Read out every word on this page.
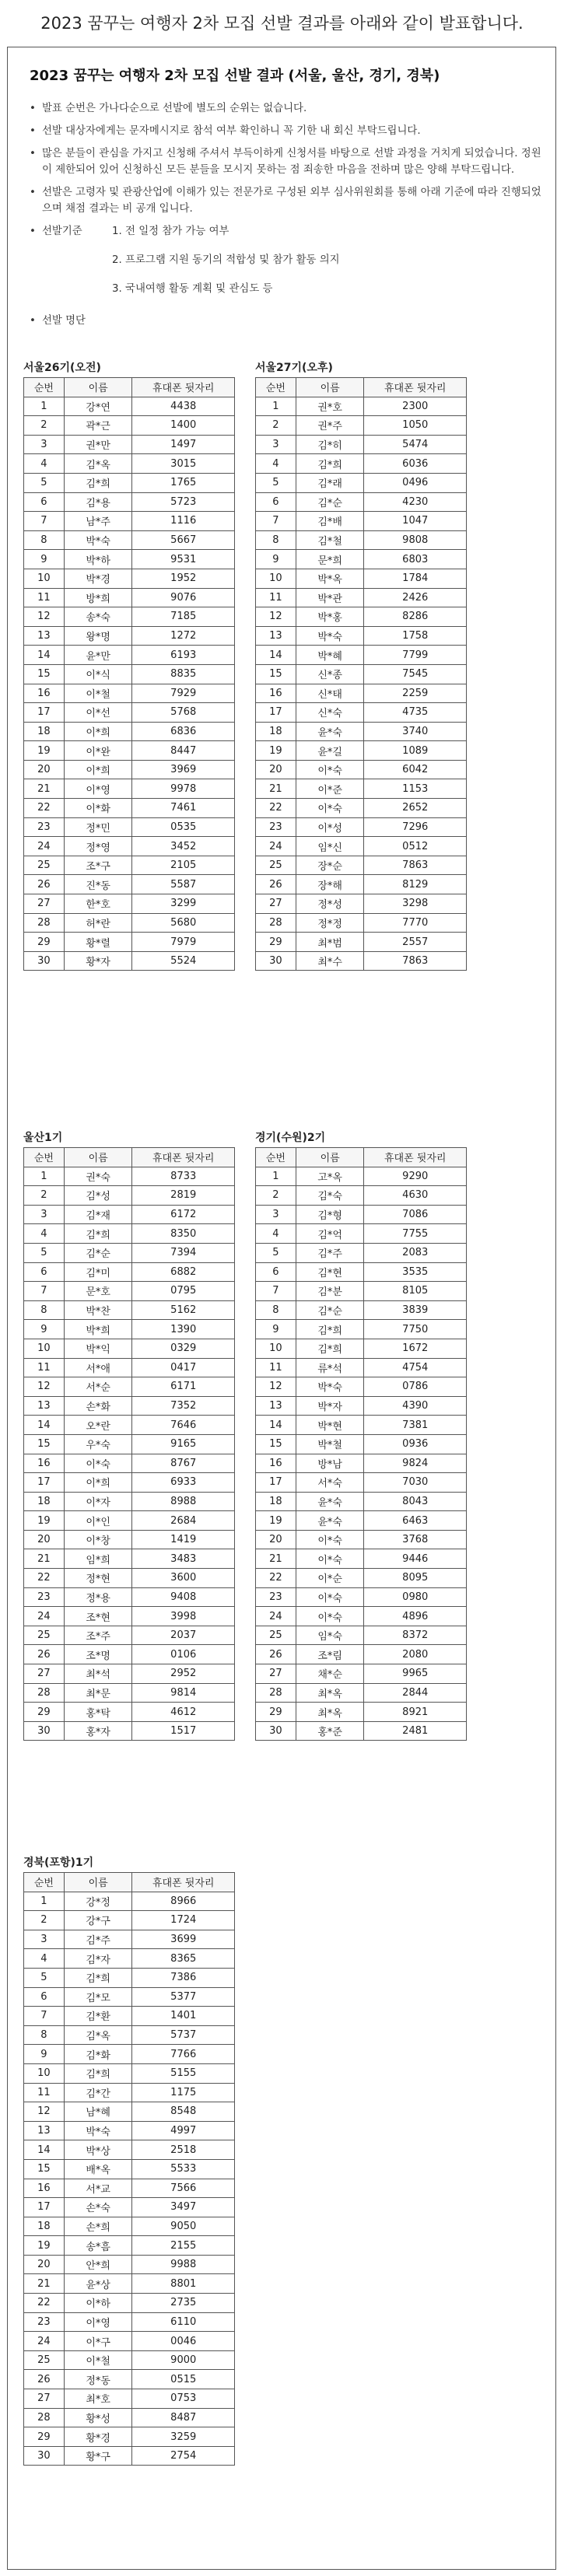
2023 꿈꾸는 여행자 2차 모집 선발 결과를 아래와 같이 발표합니다.
2023 꿈꾸는 여행자 2차 모집 선발 결과 (서울, 울산, 경기, 경북)
• 발표 순번은 가나다순으로 선발에 별도의 순위는 없습니다.
• 선발 대상자에게는 문자메시지로 참석 여부 확인하니 꼭 기한 내 회신 부탁드립니다.
• 많은 분들이 관심을 가지고 신청해 주셔서 부득이하게 신청서를 바탕으로 선발 과정을 거치게 되었습니다. 정원이 제한되어 있어 신청하신 모든 분들을 모시지 못하는 점 죄송한 마음을 전하며 많은 양해 부탁드립니다.
• 선발은 고령자 및 관광산업에 이해가 있는 전문가로 구성된 외부 심사위원회를 통해 아래 기준에 따라 진행되었으며 채점 결과는 비 공개 입니다.
• 선발기준	1. 전 일정 참가 가능 여부
2. 프로그램 지원 동기의 적합성 및 참가 활동 의지
3. 국내여행 활동 계획 및 관심도 등
• 선발 명단
서울26기(오전)
순번	이름	휴대폰 뒷자리
1	강*연	4438
2	곽*근	1400
3	권*만	1497
4	김*옥	3015
5	김*희	1765
6	김*용	5723
7	남*주	1116
8	박*숙	5667
9	박*하	9531
10	박*경	1952
11	방*희	9076
12	송*숙	7185
13	왕*명	1272
14	윤*만	6193
15	이*식	8835
16	이*철	7929
17	이*선	5768
18	이*희	6836
19	이*완	8447
20	이*희	3969
21	이*영	9978
22	이*화	7461
23	정*민	0535
24	정*영	3452
25	조*구	2105
26	진*동	5587
27	한*호	3299
28	허*란	5680
29	황*렬	7979
30	황*자	5524
서울27기(오후)
순번	이름	휴대폰 뒷자리
1	권*호	2300
2	권*주	1050
3	김*히	5474
4	김*희	6036
5	김*래	0496
6	김*순	4230
7	김*배	1047
8	김*철	9808
9	문*희	6803
10	박*옥	1784
11	박*관	2426
12	박*홍	8286
13	박*숙	1758
14	박*혜	7799
15	신*종	7545
16	신*태	2259
17	신*숙	4735
18	윤*숙	3740
19	윤*길	1089
20	이*숙	6042
21	이*준	1153
22	이*숙	2652
23	이*성	7296
24	임*신	0512
25	장*순	7863
26	장*해	8129
27	정*성	3298
28	정*정	7770
29	최*범	2557
30	최*수	7863
울산1기
순번	이름	휴대폰 뒷자리
1	권*숙	8733
2	김*성	2819
3	김*재	6172
4	김*희	8350
5	김*순	7394
6	김*미	6882
7	문*호	0795
8	박*찬	5162
9	박*희	1390
10	박*익	0329
11	서*애	0417
12	서*순	6171
13	손*화	7352
14	오*란	7646
15	우*숙	9165
16	이*숙	8767
17	이*희	6933
18	이*자	8988
19	이*인	2684
20	이*창	1419
21	임*희	3483
22	정*현	3600
23	정*용	9408
24	조*현	3998
25	조*주	2037
26	조*명	0106
27	최*석	2952
28	최*문	9814
29	홍*탁	4612
30	홍*자	1517
경기(수원)2기
순번	이름	휴대폰 뒷자리
1	고*옥	9290
2	김*숙	4630
3	김*형	7086
4	김*억	7755
5	김*주	2083
6	김*현	3535
7	김*분	8105
8	김*순	3839
9	김*희	7750
10	김*희	1672
11	류*석	4754
12	박*숙	0786
13	박*자	4390
14	박*현	7381
15	박*철	0936
16	방*남	9824
17	서*숙	7030
18	윤*숙	8043
19	윤*숙	6463
20	이*숙	3768
21	이*숙	9446
22	이*순	8095
23	이*숙	0980
24	이*숙	4896
25	임*숙	8372
26	조*림	2080
27	채*순	9965
28	최*옥	2844
29	최*옥	8921
30	홍*준	2481
경북(포항)1기
순번	이름	휴대폰 뒷자리
1	강*정	8966
2	강*구	1724
3	김*주	3699
4	김*자	8365
5	김*희	7386
6	김*모	5377
7	김*환	1401
8	김*옥	5737
9	김*화	7766
10	김*희	5155
11	김*간	1175
12	남*혜	8548
13	박*숙	4997
14	박*상	2518
15	배*옥	5533
16	서*교	7566
17	손*숙	3497
18	손*희	9050
19	송*흠	2155
20	안*희	9988
21	윤*상	8801
22	이*하	2735
23	이*영	6110
24	이*구	0046
25	이*철	9000
26	정*동	0515
27	최*호	0753
28	황*성	8487
29	황*경	3259
30	황*구	2754
